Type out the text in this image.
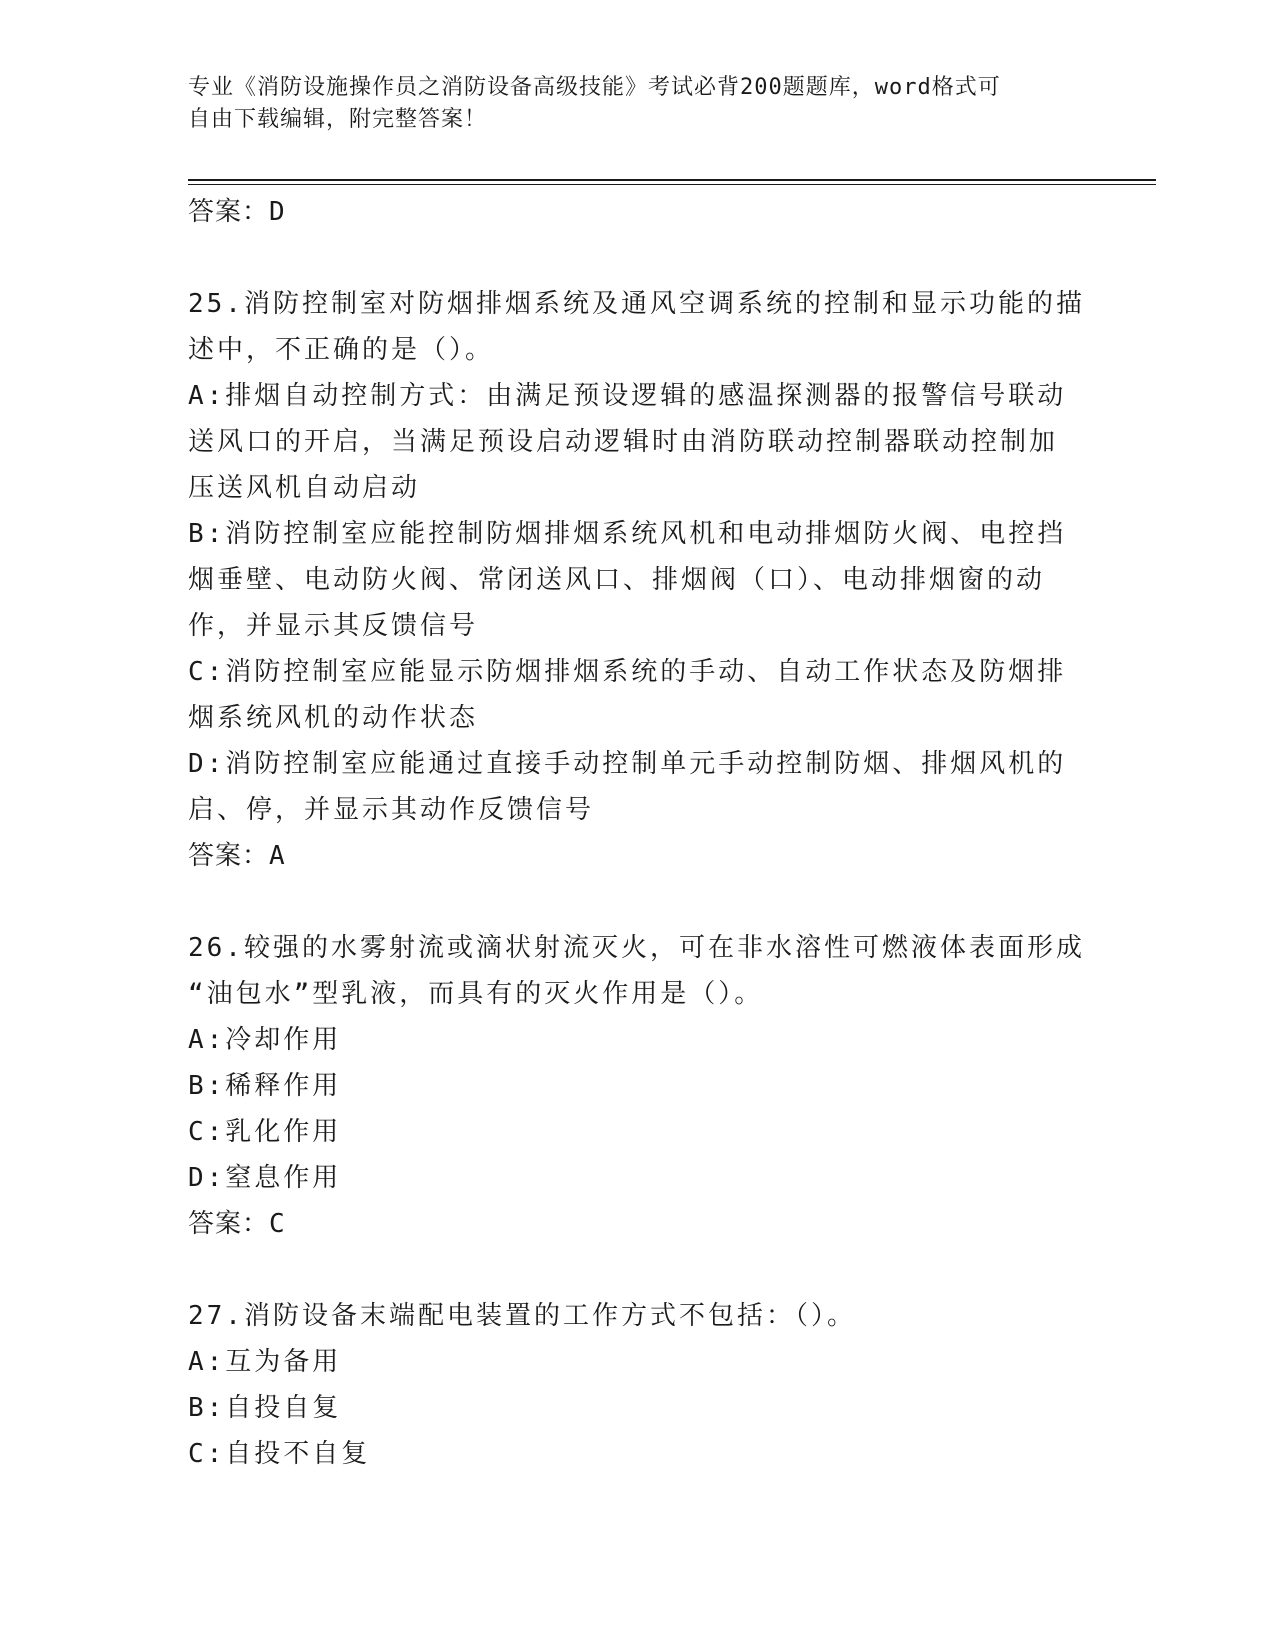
专业《消防设施操作员之消防设备高级技能》考试必背200题题库，word格式可

自由下载编辑，附完整答案！

答案：D

25.消防控制室对防烟排烟系统及通风空调系统的控制和显示功能的描

述中，不正确的是（）。

A:排烟自动控制方式：由满足预设逻辑的感温探测器的报警信号联动

送风口的开启，当满足预设启动逻辑时由消防联动控制器联动控制加

压送风机自动启动

B:消防控制室应能控制防烟排烟系统风机和电动排烟防火阀、电控挡

烟垂壁、电动防火阀、常闭送风口、排烟阀（口）、电动排烟窗的动

作，并显示其反馈信号

C:消防控制室应能显示防烟排烟系统的手动、自动工作状态及防烟排

烟系统风机的动作状态

D:消防控制室应能通过直接手动控制单元手动控制防烟、排烟风机的

启、停，并显示其动作反馈信号

答案：A

26.较强的水雾射流或滴状射流灭火，可在非水溶性可燃液体表面形成

“油包水”型乳液，而具有的灭火作用是（）。

A:冷却作用

B:稀释作用

C:乳化作用

D:窒息作用

答案：C

27.消防设备末端配电装置的工作方式不包括：（）。

A:互为备用

B:自投自复

C:自投不自复
